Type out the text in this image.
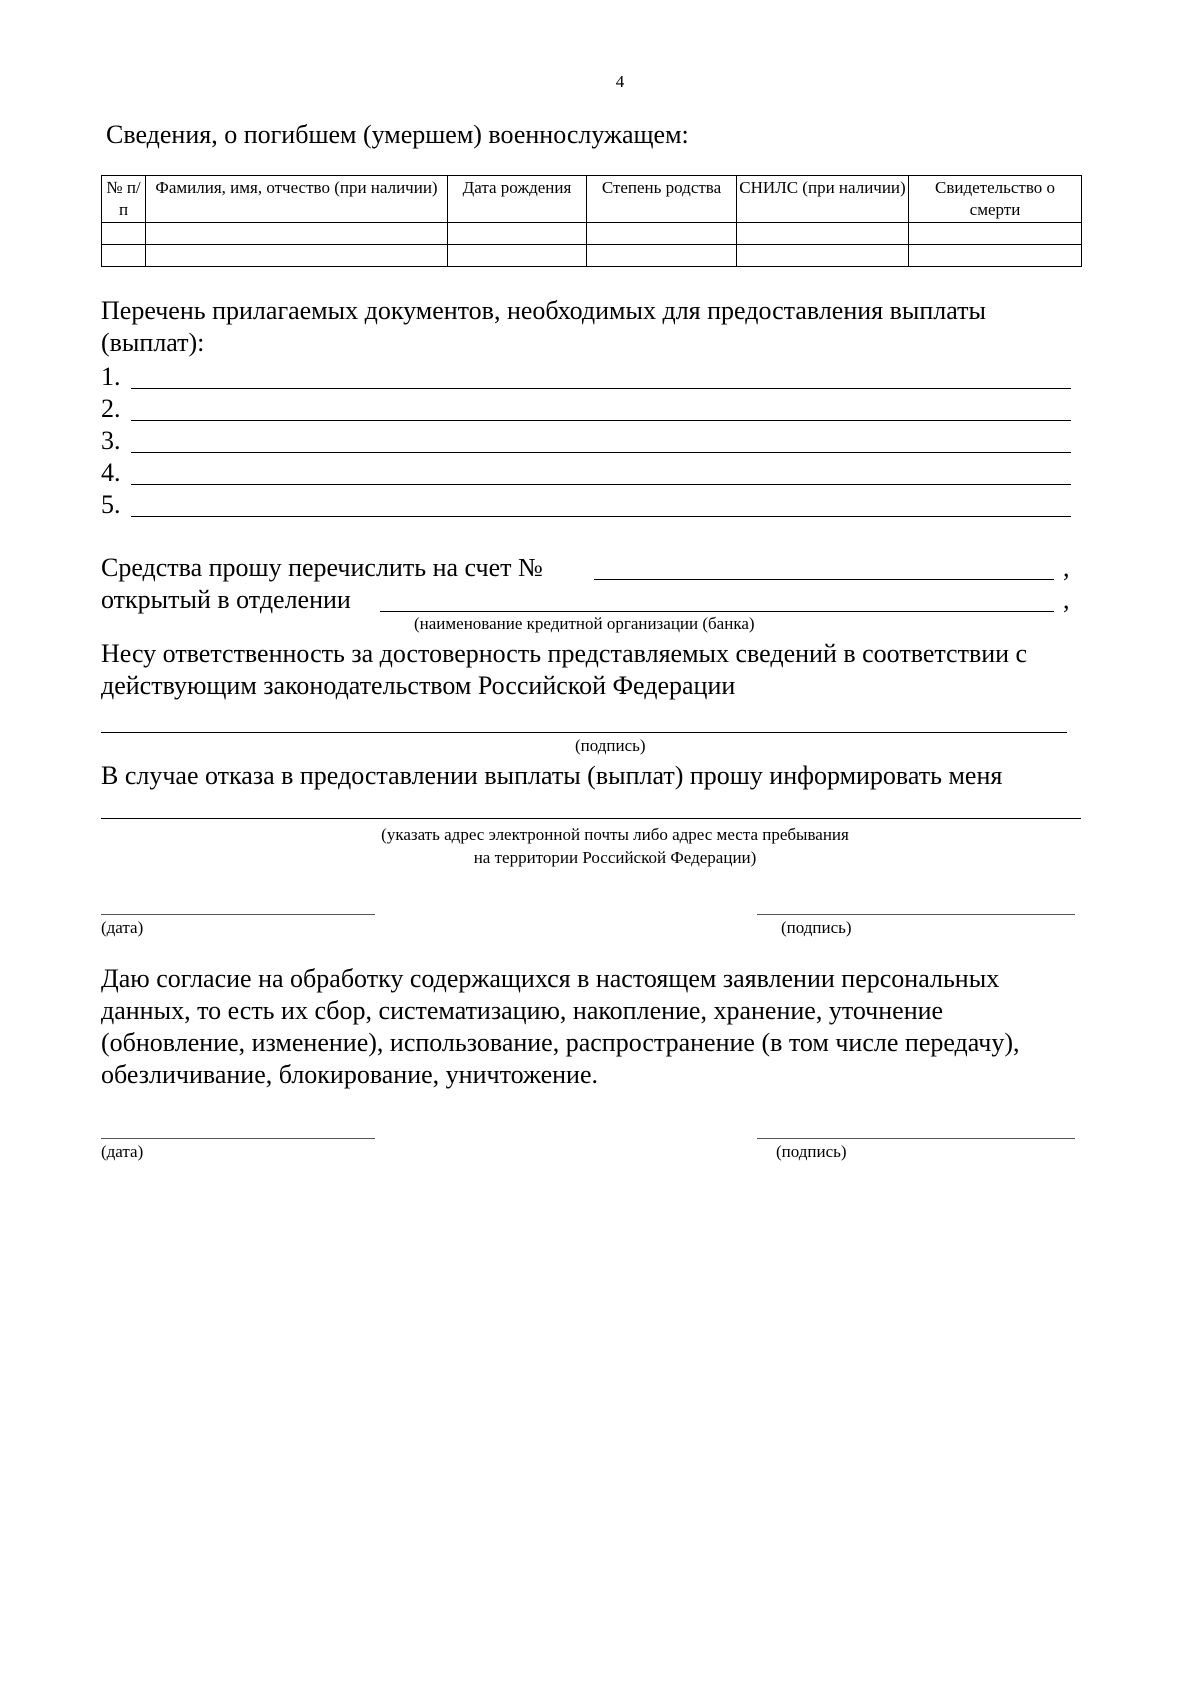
4
Сведения, о погибшем (умершем) военнослужащем:
№ п/п	Фамилия, имя, отчество (при наличии)	Дата рождения	Степень родства	СНИЛС (при наличии)	Свидетельство о смерти

Перечень прилагаемых документов, необходимых для предоставления выплаты
(выплат):
1.
2.
3.
4.
5.
Средства прошу перечислить на счет №	,
открытый в отделении	,
(наименование кредитной организации (банка)
Несу ответственность за достоверность представляемых сведений в соответствии с
действующим законодательством Российской Федерации
(подпись)
В случае отказа в предоставлении выплаты (выплат) прошу информировать меня
(указать адрес электронной почты либо адрес места пребывания
на территории Российской Федерации)
(дата)	(подпись)
Даю согласие на обработку содержащихся в настоящем заявлении персональных
данных, то есть их сбор, систематизацию, накопление, хранение, уточнение
(обновление, изменение), использование, распространение (в том числе передачу),
обезличивание, блокирование, уничтожение.
(дата)	(подпись)
